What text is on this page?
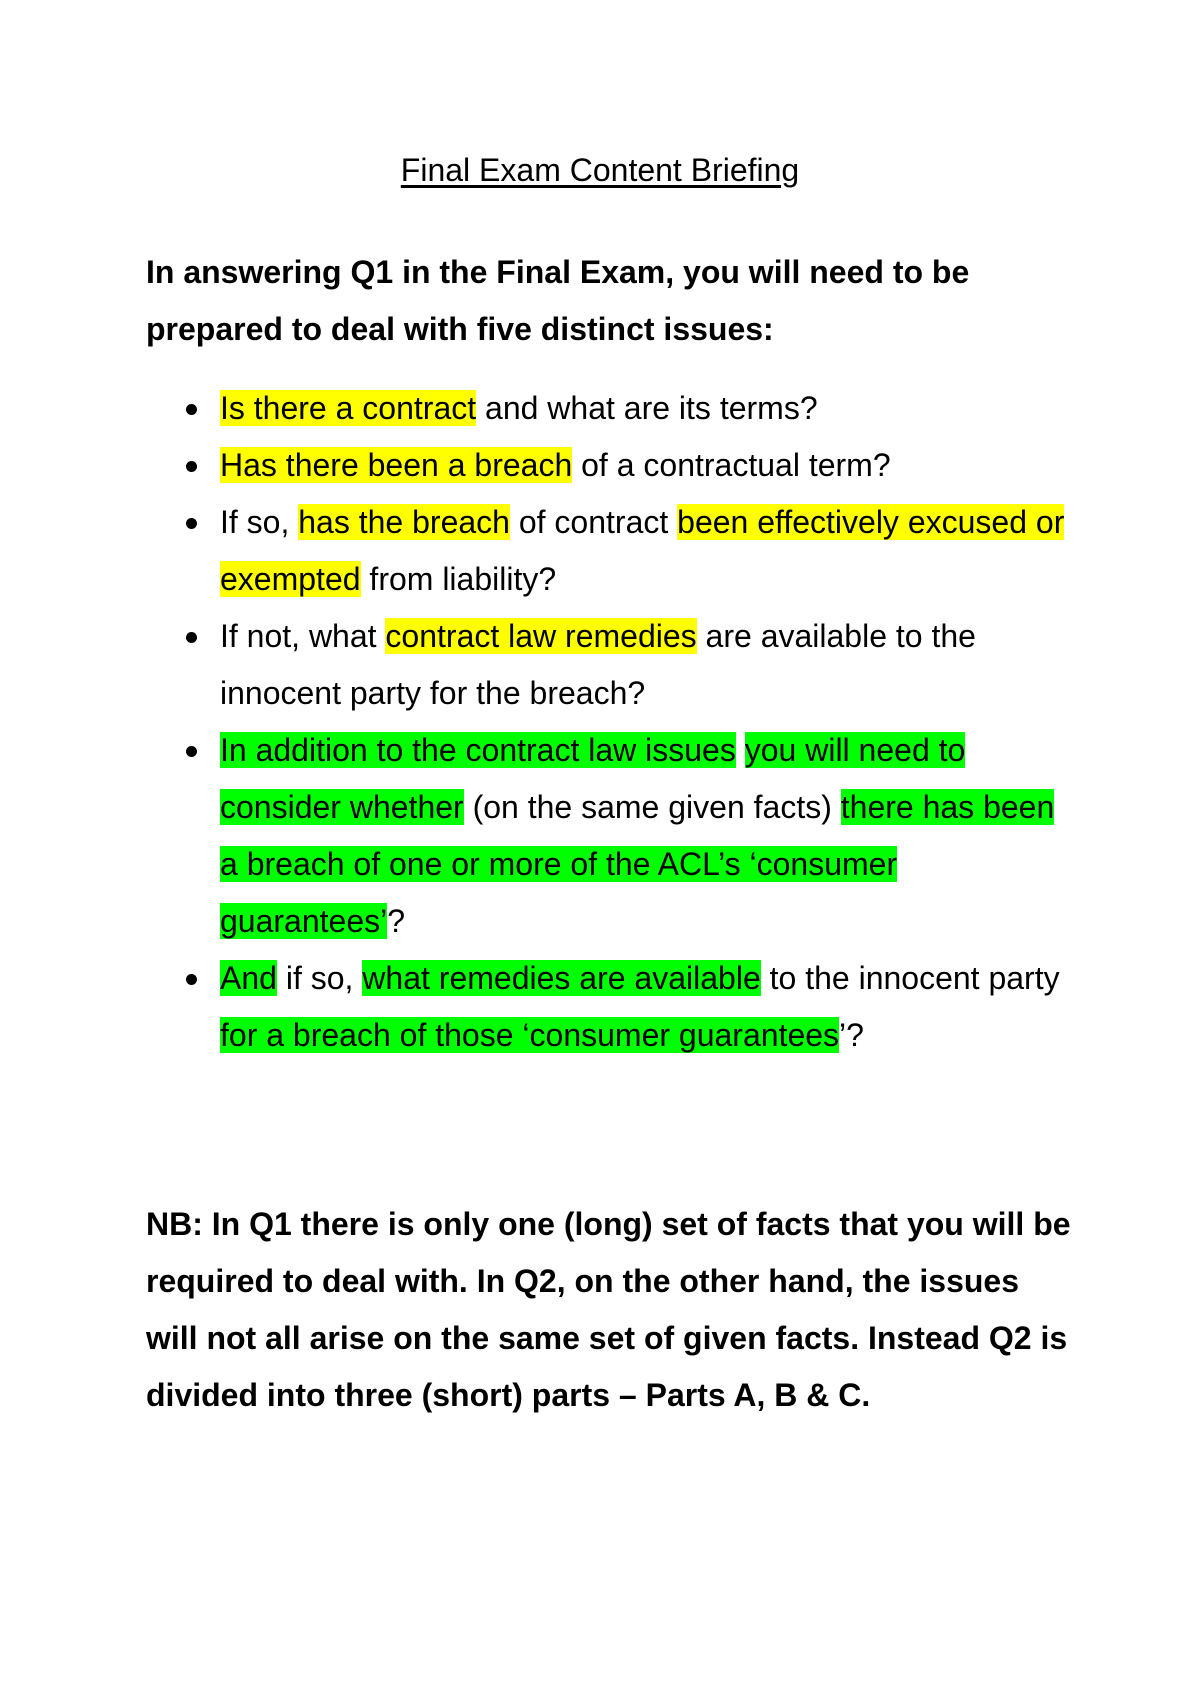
Final Exam Content Briefing

In answering Q1 in the Final Exam, you will need to be prepared to deal with five distinct issues:

Is there a contract and what are its terms?
Has there been a breach of a contractual term?
If so, has the breach of contract been effectively excused or exempted from liability?
If not, what contract law remedies are available to the innocent party for the breach?
In addition to the contract law issues you will need to consider whether (on the same given facts) there has been a breach of one or more of the ACL’s ‘consumer guarantees’?
And if so, what remedies are available to the innocent party for a breach of those ‘consumer guarantees’?

NB: In Q1 there is only one (long) set of facts that you will be required to deal with. In Q2, on the other hand, the issues will not all arise on the same set of given facts. Instead Q2 is divided into three (short) parts – Parts A, B & C.
